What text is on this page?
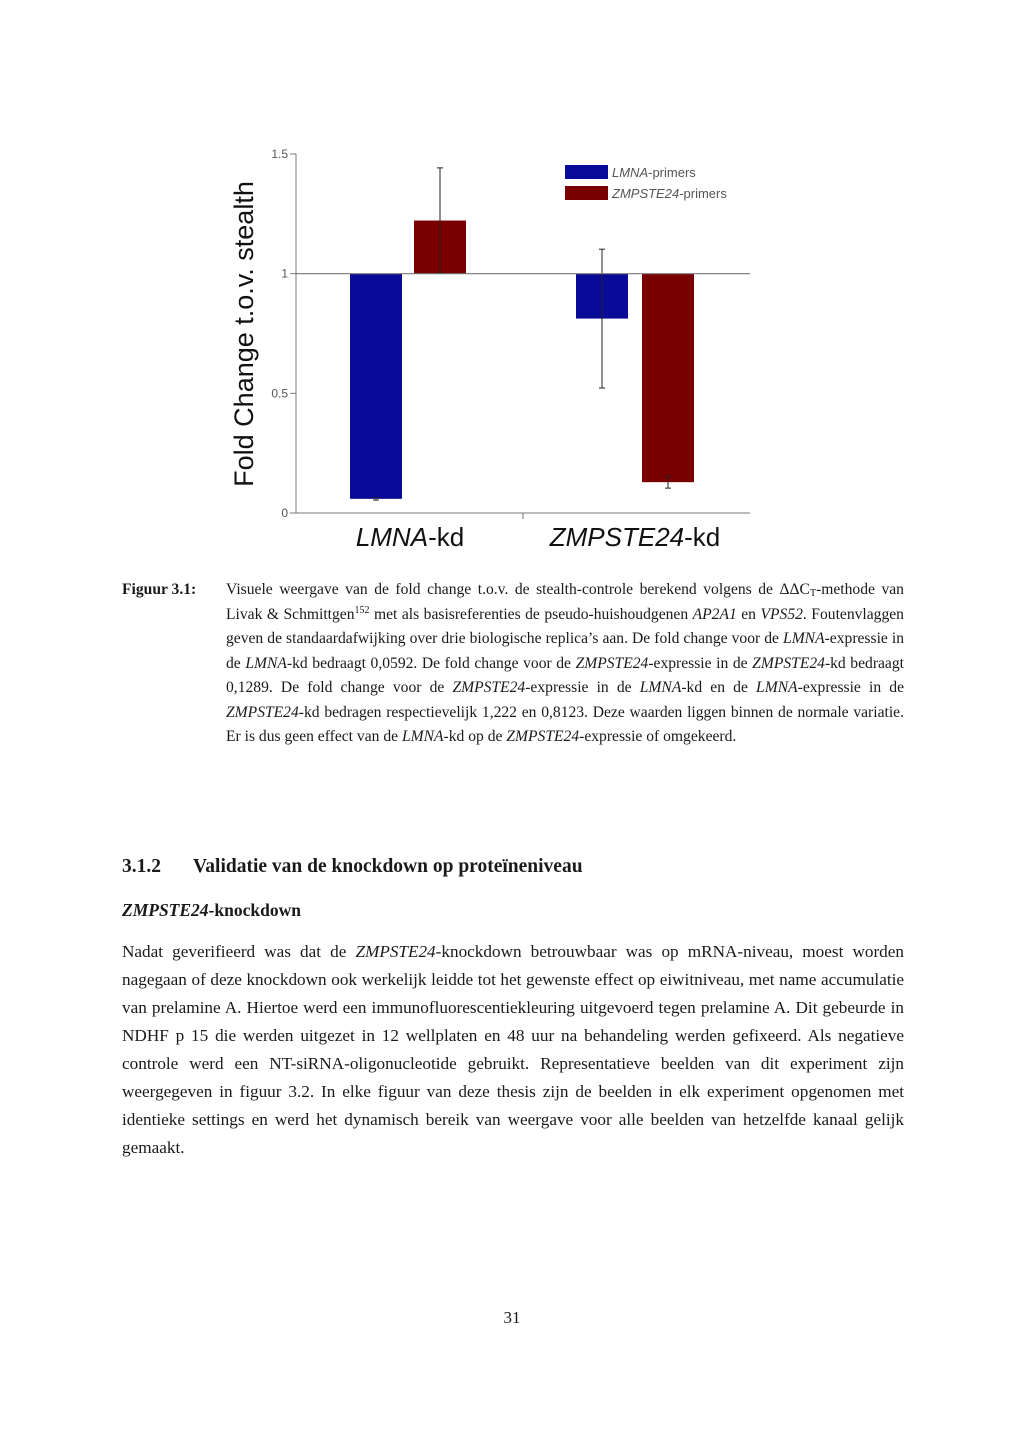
0
0.5
1
1.5
Fold Change t.o.v. stealth
LMNA-kd	ZMPSTE24-kd
LMNA-primers
ZMPSTE24-primers
Figuur 3.1: Visuele weergave van de fold change t.o.v. de stealth-controle berekend volgens de $\Delta\Delta C_T$-methode van Livak & Schmittgen$^{152}$ met als basisreferenties de pseudo-huishoudgenen AP2A1 en VPS52. Foutenvlaggen geven de standaardafwijking over drie biologische replica’s aan. De fold change voor de LMNA-expressie in de LMNA-kd bedraagt 0,0592. De fold change voor de ZMPSTE24-expressie in de ZMPSTE24-kd bedraagt 0,1289. De fold change voor de ZMPSTE24-expressie in de LMNA-kd en de LMNA-expressie in de ZMPSTE24-kd bedragen respectievelijk 1,222 en 0,8123. Deze waarden liggen binnen de normale variatie. Er is dus geen effect van de LMNA-kd op de ZMPSTE24-expressie of omgekeerd.
3.1.2 Validatie van de knockdown op proteïneniveau
ZMPSTE24-knockdown

Nadat geverifieerd was dat de ZMPSTE24-knockdown betrouwbaar was op mRNA-niveau, moest worden nagegaan of deze knockdown ook werkelijk leidde tot het gewenste effect op eiwitniveau, met name accumulatie van prelamine A. Hiertoe werd een immunofluorescentiekleuring uitgevoerd tegen prelamine A. Dit gebeurde in NDHF p 15 die werden uitgezet in 12 wellplaten en 48 uur na behandeling werden gefixeerd. Als negatieve controle werd een NT-siRNA-oligonucleotide gebruikt. Representatieve beelden van dit experiment zijn weergegeven in figuur 3.2. In elke figuur van deze thesis zijn de beelden in elk experiment opgenomen met identieke settings en werd het dynamisch bereik van weergave voor alle beelden van hetzelfde kanaal gelijk gemaakt.

31
